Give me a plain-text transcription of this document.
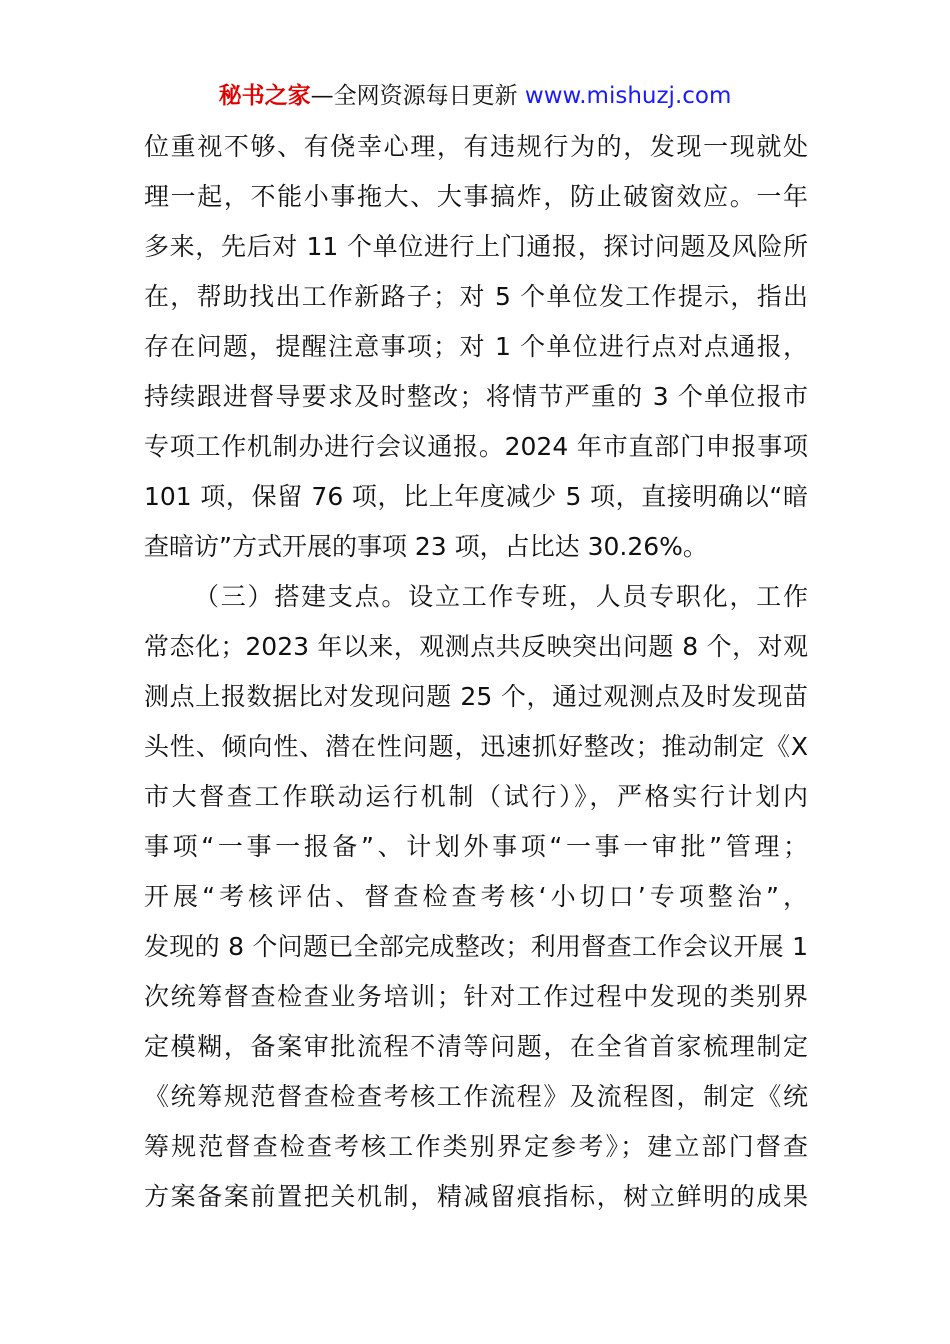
秘书之家—全网资源每日更新 www.mishuzj.com
位重视不够、有侥幸心理，有违规行为的，发现一现就处
理一起，不能小事拖大、大事搞炸，防止破窗效应。一年
多来，先后对 11 个单位进行上门通报，探讨问题及风险所
在，帮助找出工作新路子；对 5 个单位发工作提示，指出
存在问题，提醒注意事项；对 1 个单位进行点对点通报，
持续跟进督导要求及时整改；将情节严重的 3 个单位报市
专项工作机制办进行会议通报。2024 年市直部门申报事项
101 项，保留 76 项，比上年度减少 5 项，直接明确以“暗
查暗访”方式开展的事项 23 项，占比达 30.26%。
（三）搭建支点。设立工作专班，人员专职化，工作
常态化；2023 年以来，观测点共反映突出问题 8 个，对观
测点上报数据比对发现问题 25 个，通过观测点及时发现苗
头性、倾向性、潜在性问题，迅速抓好整改；推动制定《X
市大督查工作联动运行机制（试行）》，严格实行计划内
事项“一事一报备”、计划外事项“一事一审批”管理；
开展“考核评估、督查检查考核‘小切口’专项整治”，
发现的 8 个问题已全部完成整改；利用督查工作会议开展 1
次统筹督查检查业务培训；针对工作过程中发现的类别界
定模糊，备案审批流程不清等问题，在全省首家梳理制定
《统筹规范督查检查考核工作流程》及流程图，制定《统
筹规范督查检查考核工作类别界定参考》；建立部门督查
方案备案前置把关机制，精减留痕指标，树立鲜明的成果
